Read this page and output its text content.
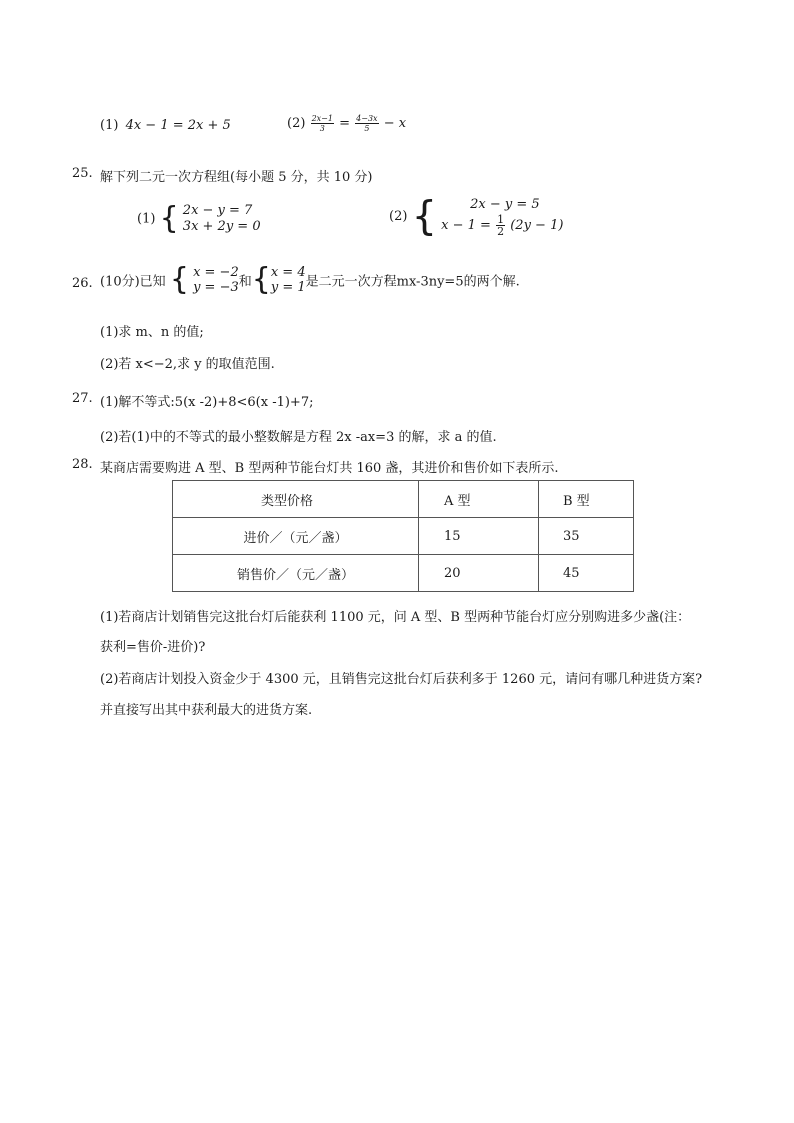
(1) 4x − 1 = 2x + 5	$(2) \frac{2x-1}{3} = \frac{4-3x}{5} - x$
25. 解下列二元一次方程组(每小题 5 分，共 10 分)
(1) { 2x − y = 7
3x + 2y = 0
(2) {	2x − y = 5
$x - 1 = \frac{1}{2} (2y - 1)$
26. (10分)已知 { x = −2
y = −3 和{ x = 4
y = 1 是二元一次方程mx-3ny=5的两个解.
(1)求 m、n 的值;
(2)若 x<−2,求 y 的取值范围.
27. (1)解不等式:5(x -2)+8<6(x -1)+7;
(2)若(1)中的不等式的最小整数解是方程 2x -ax=3 的解，求 a 的值.
28. 某商店需要购进 A 型、B 型两种节能台灯共 160 盏，其进价和售价如下表所示.
类型价格	A 型	B 型
进价／（元／盏）	15	35
销售价／（元／盏）	20	45
(1)若商店计划销售完这批台灯后能获利 1100 元，问 A 型、B 型两种节能台灯应分别购进多少盏(注：
获利=售价-进价)?
(2)若商店计划投入资金少于 4300 元，且销售完这批台灯后获利多于 1260 元，请问有哪几种进货方案?
并直接写出其中获利最大的进货方案.
